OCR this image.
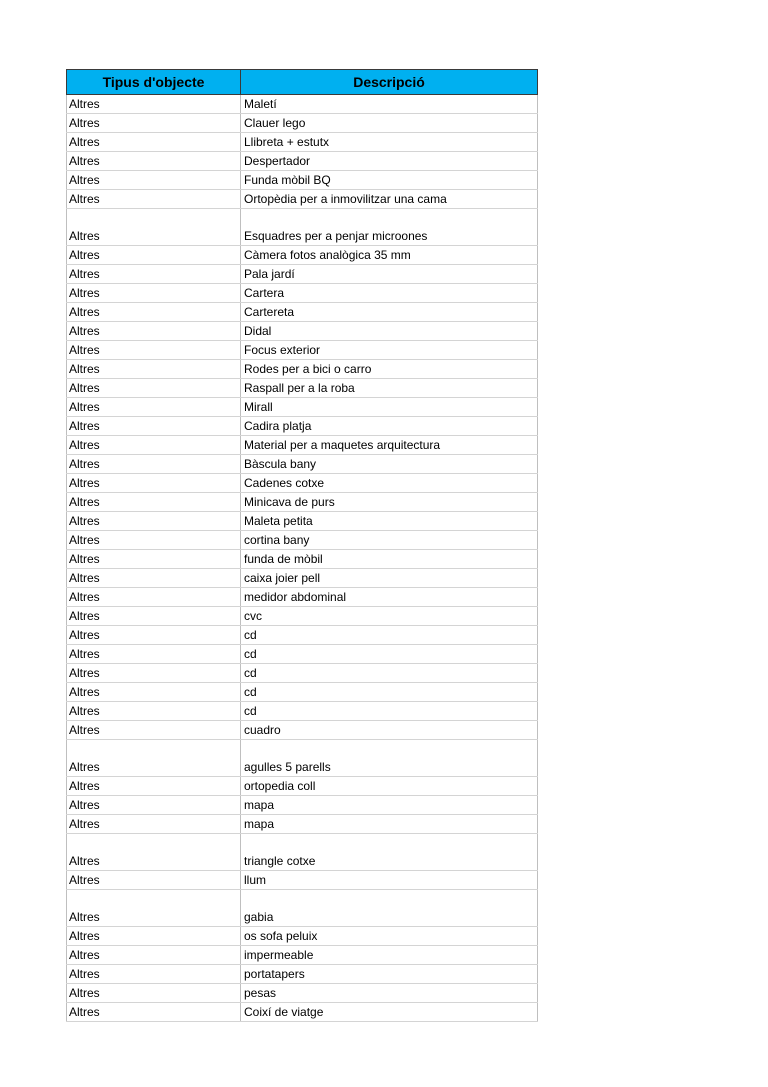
Tipus d'objecte	Descripció
Altres	Maletí
Altres	Clauer lego
Altres	Llibreta + estutx
Altres	Despertador
Altres	Funda mòbil BQ
Altres	Ortopèdia per a inmovilitzar una cama
Altres	Esquadres per a penjar microones
Altres	Càmera fotos analògica 35 mm
Altres	Pala jardí
Altres	Cartera
Altres	Cartereta
Altres	Didal
Altres	Focus exterior
Altres	Rodes per a bici o carro
Altres	Raspall per a la roba
Altres	Mirall
Altres	Cadira platja
Altres	Material per a maquetes arquitectura
Altres	Bàscula bany
Altres	Cadenes cotxe
Altres	Minicava de purs
Altres	Maleta petita
Altres	cortina bany
Altres	funda de mòbil
Altres	caixa joier pell
Altres	medidor abdominal
Altres	cvc
Altres	cd
Altres	cd
Altres	cd
Altres	cd
Altres	cd
Altres	cuadro
Altres	agulles 5 parells
Altres	ortopedia coll
Altres	mapa
Altres	mapa
Altres	triangle cotxe
Altres	llum
Altres	gabia
Altres	os sofa peluix
Altres	impermeable
Altres	portatapers
Altres	pesas
Altres	Coixí de viatge
